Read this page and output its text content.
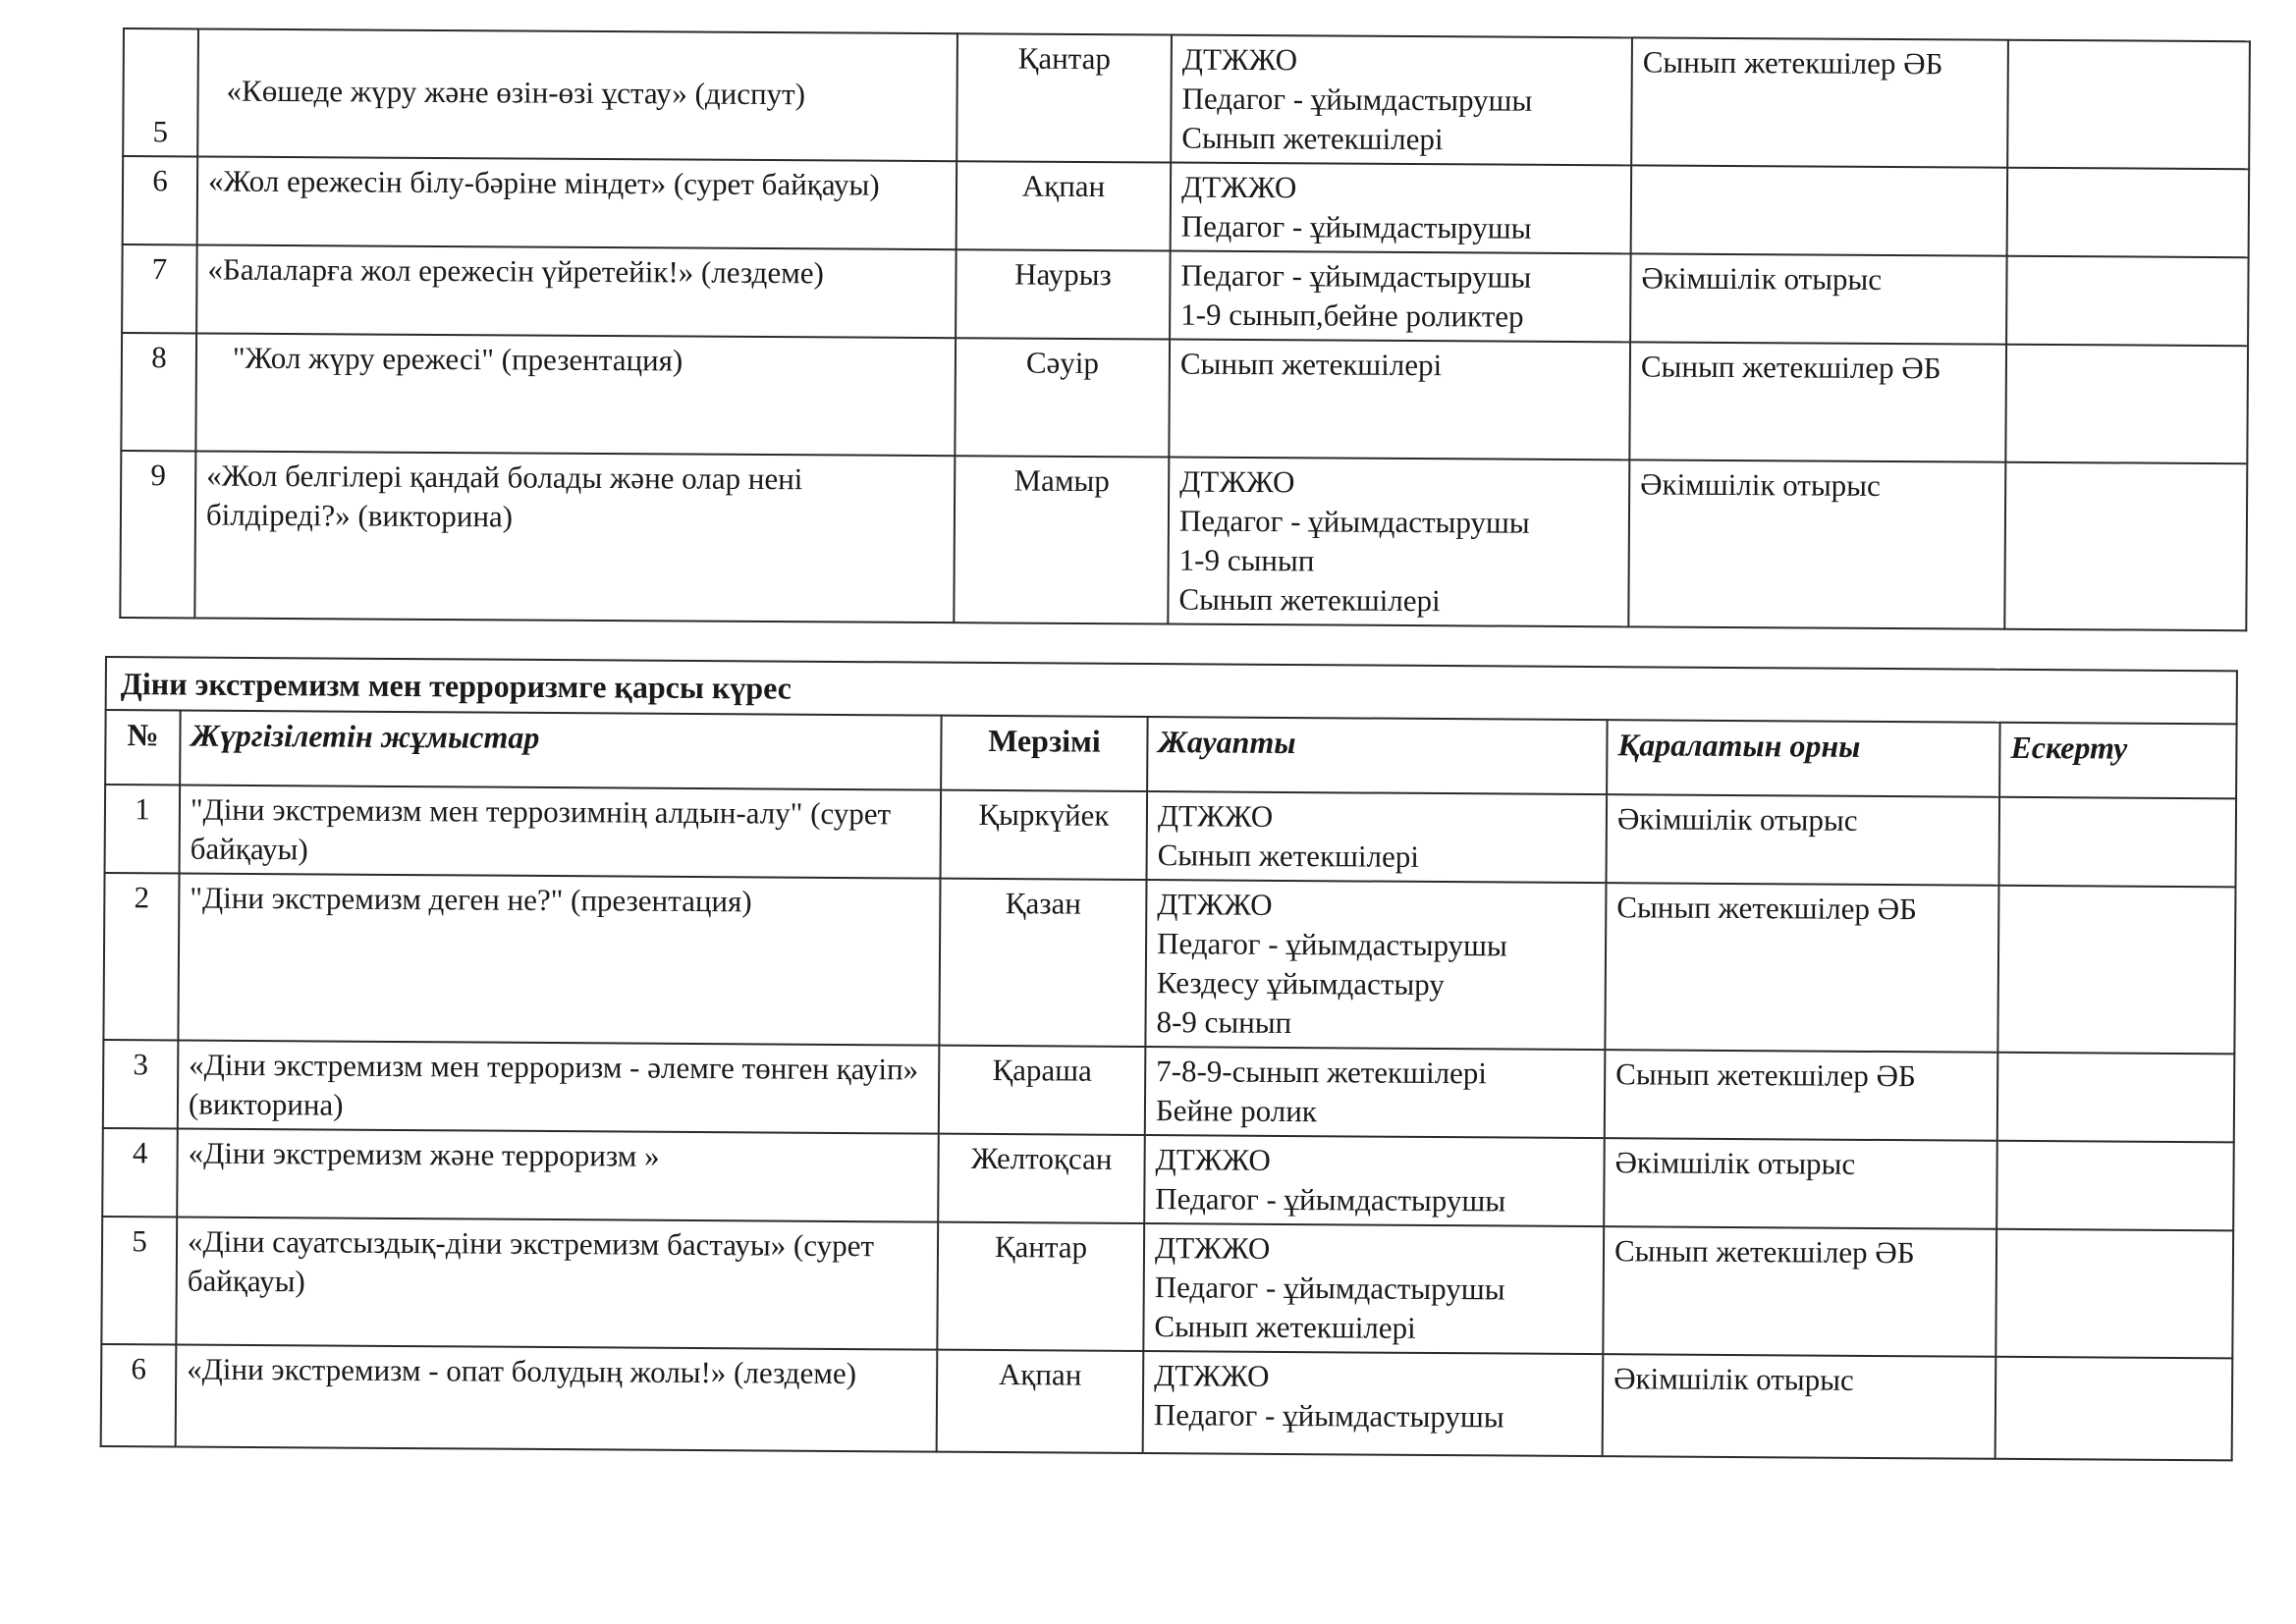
5	«Көшеде жүру және өзін-өзі ұстау» (диспут)	Қантар	ДТЖЖО
Педагог - ұйымдастырушы
Сынып жетекшілері	Сынып жетекшілер ӘБ	
6	«Жол ережесін білу-бәріне міндет» (сурет байқауы)	Ақпан	ДТЖЖО
Педагог - ұйымдастырушы		

7	«Балаларға жол ережесін үйретейік!» (лездеме)	Наурыз	Педагог - ұйымдастырушы
1-9 сынып,бейне роликтер	Әкімшілік отырыс	
8	"Жол жүру ережесі" (презентация)	Сәуір	Сынып жетекшілері	Сынып жетекшілер ӘБ	
9	«Жол белгілері қандай болады және олар нені білдіреді?» (викторина)	Мамыр	ДТЖЖО
Педагог - ұйымдастырушы
1-9 сынып
Сынып жетекшілері	Әкімшілік отырыс	
Діни экстремизм мен терроризмге қарсы күрес					
№	Жүргізілетін жұмыстар	Мерзімі	Жауапты	Қаралатын орны	Ескерту
1	"Діни экстремизм мен террозимнің алдын-алу" (сурет байқауы)	Қыркүйек	ДТЖЖО
Сынып жетекшілері	Әкімшілік отырыс	
2	"Діни экстремизм деген не?" (презентация)	Қазан	ДТЖЖО
Педагог - ұйымдастырушы
Кездесу ұйымдастыру
8-9 сынып	Сынып жетекшілер ӘБ	
3	«Діни экстремизм мен терроризм - әлемге төнген қауіп» (викторина)	Қараша	7-8-9-сынып жетекшілері
Бейне ролик	Сынып жетекшілер ӘБ	
4	«Діни экстремизм және терроризм »	Желтоқсан	ДТЖЖО
Педагог - ұйымдастырушы	Әкімшілік отырыс	
5	«Діни сауатсыздық-діни экстремизм бастауы» (сурет байқауы)	Қантар	ДТЖЖО
Педагог - ұйымдастырушы
Сынып жетекшілері	Сынып жетекшілер ӘБ	
6	«Діни экстремизм - опат болудың жолы!» (лездеме)	Ақпан	ДТЖЖО
Педагог - ұйымдастырушы	Әкімшілік отырыс	
